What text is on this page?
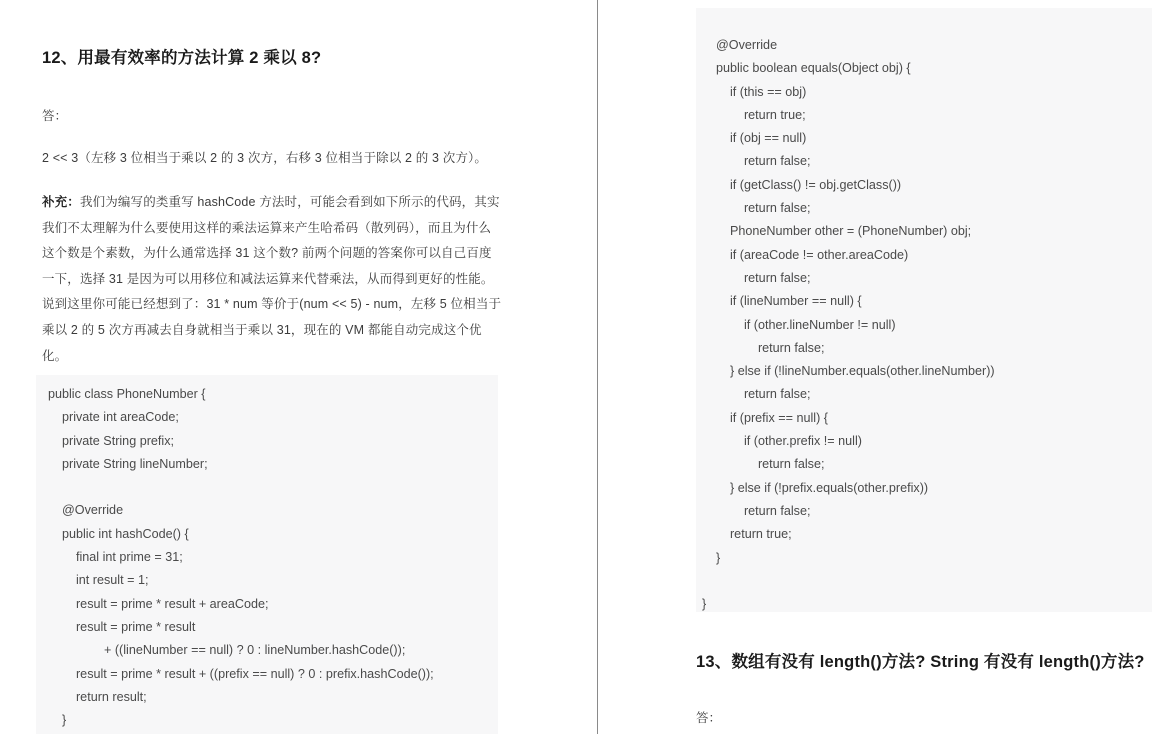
12、用最有效率的方法计算 2 乘以 8?
答：
2 << 3（左移 3 位相当于乘以 2 的 3 次方，右移 3 位相当于除以 2 的 3 次方）。
补充：我们为编写的类重写 hashCode 方法时，可能会看到如下所示的代码，其实我们不太理解为什么要使用这样的乘法运算来产生哈希码（散列码），而且为什么这个数是个素数，为什么通常选择 31 这个数? 前两个问题的答案你可以自己百度一下，选择 31 是因为可以用移位和减法运算来代替乘法，从而得到更好的性能。说到这里你可能已经想到了：31 * num 等价于(num << 5) - num，左移 5 位相当于乘以 2 的 5 次方再减去自身就相当于乘以 31，现在的 VM 都能自动完成这个优化。
public class PhoneNumber {
private int areaCode;
private String prefix;
private String lineNumber;

@Override
public int hashCode() {
final int prime = 31;
int result = 1;
result = prime * result + areaCode;
result = prime * result
+ ((lineNumber == null) ? 0 : lineNumber.hashCode());
result = prime * result + ((prefix == null) ? 0 : prefix.hashCode());
return result;
}
@Override
public boolean equals(Object obj) {
if (this == obj)
return true;
if (obj == null)
return false;
if (getClass() != obj.getClass())
return false;
PhoneNumber other = (PhoneNumber) obj;
if (areaCode != other.areaCode)
return false;
if (lineNumber == null) {
if (other.lineNumber != null)
return false;
} else if (!lineNumber.equals(other.lineNumber))
return false;
if (prefix == null) {
if (other.prefix != null)
return false;
} else if (!prefix.equals(other.prefix))
return false;
return true;
}

}
13、数组有没有 length()方法? String 有没有 length()方法?
答：
